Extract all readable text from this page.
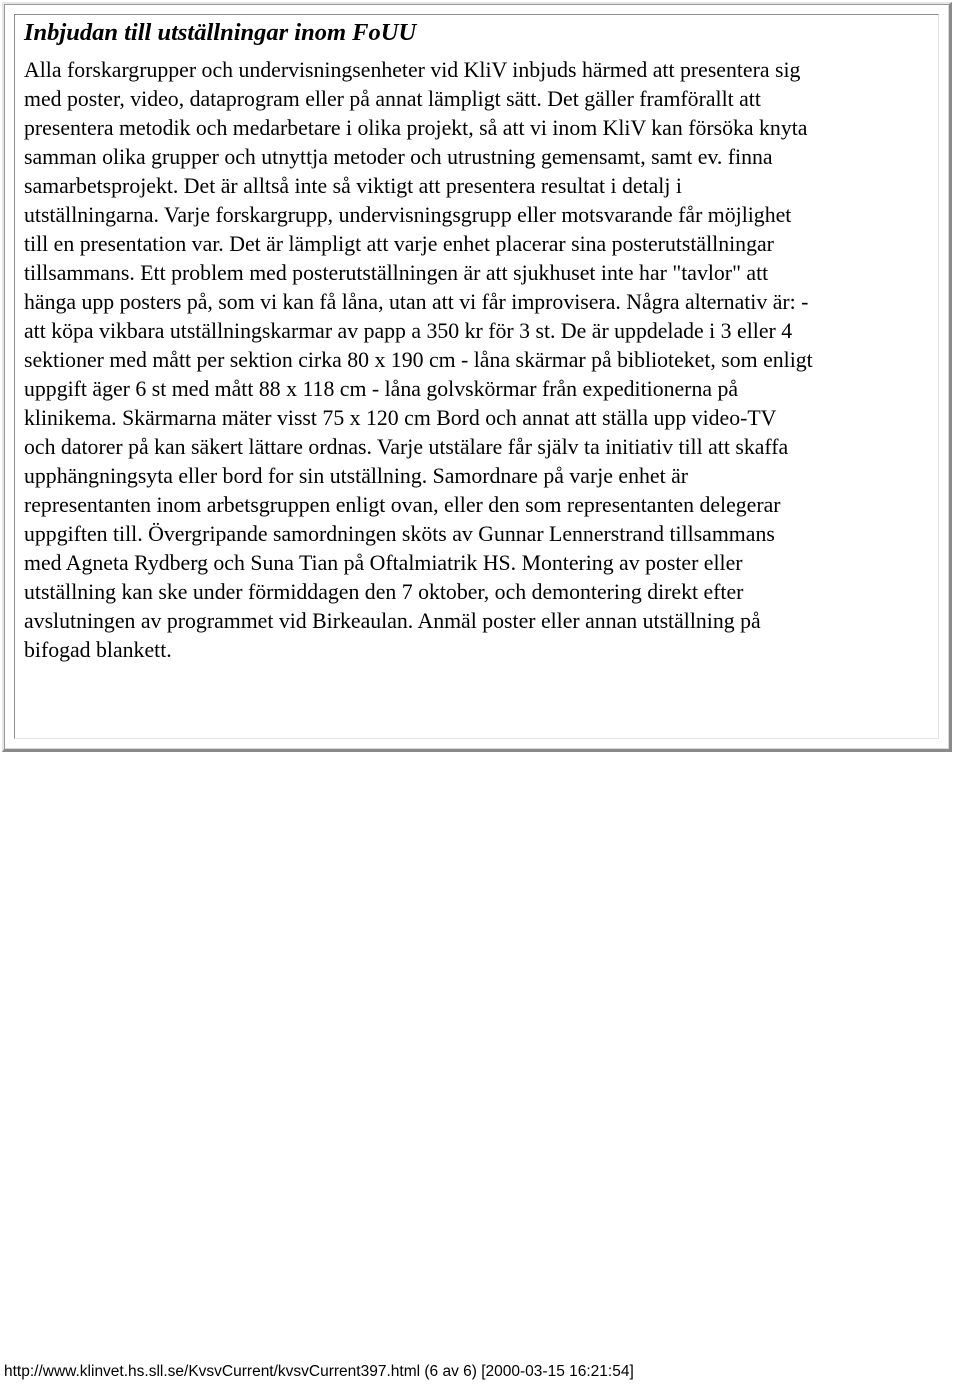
Inbjudan till utställningar inom FoUU

Alla forskargrupper och undervisningsenheter vid KliV inbjuds härmed att presentera sig
med poster, video, dataprogram eller på annat lämpligt sätt. Det gäller framförallt att
presentera metodik och medarbetare i olika projekt, så att vi inom KliV kan försöka knyta
samman olika grupper och utnyttja metoder och utrustning gemensamt, samt ev. finna
samarbetsprojekt. Det är alltså inte så viktigt att presentera resultat i detalj i
utställningarna. Varje forskargrupp, undervisningsgrupp eller motsvarande får möjlighet
till en presentation var. Det är lämpligt att varje enhet placerar sina posterutställningar
tillsammans. Ett problem med posterutställningen är att sjukhuset inte har "tavlor" att
hänga upp posters på, som vi kan få låna, utan att vi får improvisera. Några alternativ är: -
att köpa vikbara utställningskarmar av papp a 350 kr för 3 st. De är uppdelade i 3 eller 4
sektioner med mått per sektion cirka 80 x 190 cm - låna skärmar på biblioteket, som enligt
uppgift äger 6 st med mått 88 x 118 cm - låna golvskörmar från expeditionerna på
klinikema. Skärmarna mäter visst 75 x 120 cm Bord och annat att ställa upp video-TV
och datorer på kan säkert lättare ordnas. Varje utstälare får själv ta initiativ till att skaffa
upphängningsyta eller bord for sin utställning. Samordnare på varje enhet är
representanten inom arbetsgruppen enligt ovan, eller den som representanten delegerar
uppgiften till. Övergripande samordningen sköts av Gunnar Lennerstrand tillsammans
med Agneta Rydberg och Suna Tian på Oftalmiatrik HS. Montering av poster eller
utställning kan ske under förmiddagen den 7 oktober, och demontering direkt efter
avslutningen av programmet vid Birkeaulan. Anmäl poster eller annan utställning på
bifogad blankett.

http://www.klinvet.hs.sll.se/KvsvCurrent/kvsvCurrent397.html (6 av 6) [2000-03-15 16:21:54]
